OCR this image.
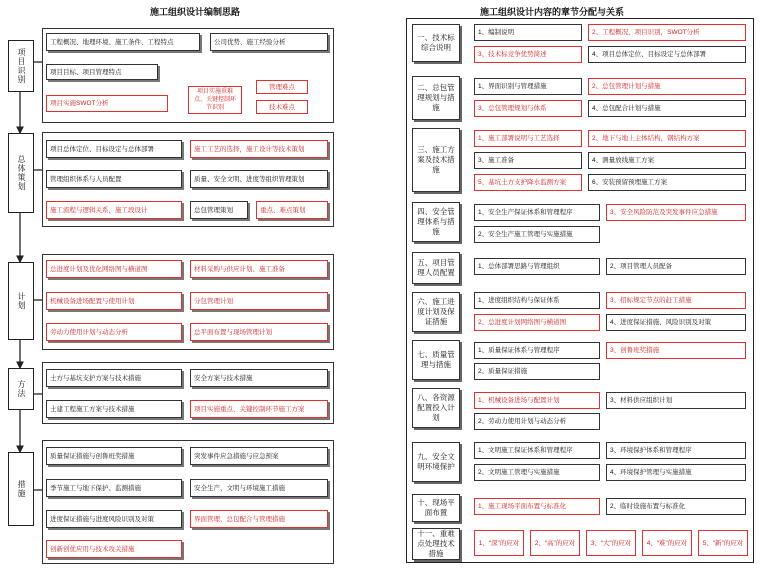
施工组织设计编制思路
项目识别
总体策划
计划
方法
措施
工程概况、地理环境、施工条件、工程特点	公司优势、施工经验分析
项目目标、项目管理特点
项目实施SWOT分析
项目实施重难点、关键控制环节识别
管理难点
技术难点
项目总体定位、目标设定与总体部署	施工工艺的选择，施工设计等技术策划
管理组织体系与人员配置	质量、安全文明、进度等组织管理策划
施工流程与逻辑关系，施工段设计	总包管理策划	重点、难点策划
总进度计划及优化网络图与横道图	材料采购与供应计划、施工准备
机械设备进场配置与使用计划	分包管理计划
劳动力使用计划与动态分析	总平面布置与现场管理计划
土方与基坑支护方案与技术措施	安全方案与技术措施
土建工程施工方案与技术措施	项目实施重点、关键控制环节施工方案
质量保证措施与创鲁班奖措施	突发事件应急措施与应急预案
季节施工与地下保护、监测措施	安全生产、文明与环境施工措施
进度保证措施与进度风险识别及对策	界面管理、总包配合与管理措施
创新创优应用与技术攻关措施
施工组织设计内容的章节分配与关系
一、技术标综合说明
1、编制说明	2、工程概况，项目识别，SWOT分析
3、技术标竞争优势简述	4、项目总体定位、目标设定与总体部署
二、总包管理规划与措施
1、界面识别与管理措施	2、总包管理计划与措施
3、总包管理规划与体系	4、总包配合计划与措施
三、施工方案及技术措施
1、施工部署说明与工艺选择	2、地下与地上主体结构，钢结构方案
3、施工准备	4、测量放线施工方案
5、基坑土方支护降水监测方案	6、安装预留预埋施工方案
四、安全管理体系与措施
1、安全生产保证体系和管理程序	3、安全风险防范及突发事件应急措施
2、安全生产施工管理与实施措施
五、项目管理人员配置
1、总体部署思路与管理组织	2、项目管理人员配备
六、施工进度计划及保证措施
1、进度组织结构与保证体系	3、招标规定节点的赶工措施
2、总进度计划网络图与横道图	4、进度保证措施、风险识别及对策
七、质量管理与措施
1、质量保证体系与管理程序	3、创鲁班奖措施
2、质量保证措施
八、各资源配置投入计划
1、机械设备进场与配置计划	3、材料供应组织计划
2、劳动力使用计划与动态分析
九、安全文明环境保护
1、文明施工保证体系和管理程序	3、环境保护体系和管理程序
2、文明施工管理与实施措施	4、环境保护管理与实施措施
十、现场平面布置
1、施工现场平面布置与标准化	2、临时设施布置与标准化
十一、重难点处理技术措施
1、“深”的应对	2、“高”的应对	3、“大”的应对	4、“难”的应对	5、“新”的应对
